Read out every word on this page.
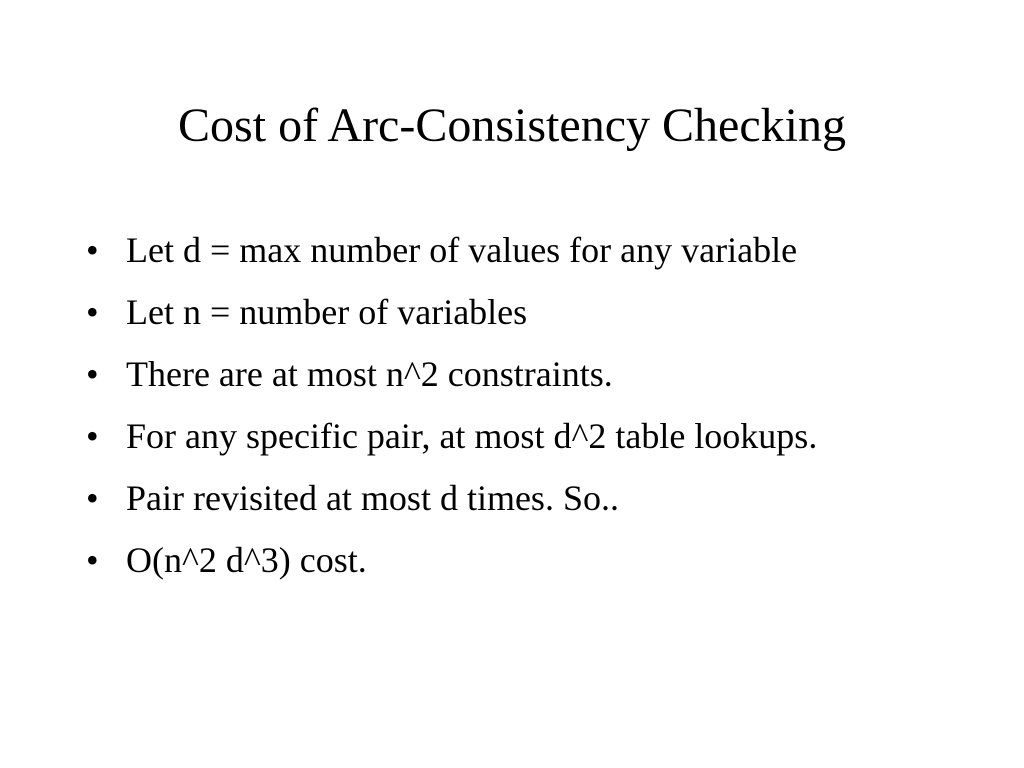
Cost of Arc-Consistency Checking
• Let d = max number of values for any variable
• Let n = number of variables
• There are at most n^2 constraints.
• For any specific pair, at most d^2 table lookups.
• Pair revisited at most d times. So..
• O(n^2 d^3) cost.
